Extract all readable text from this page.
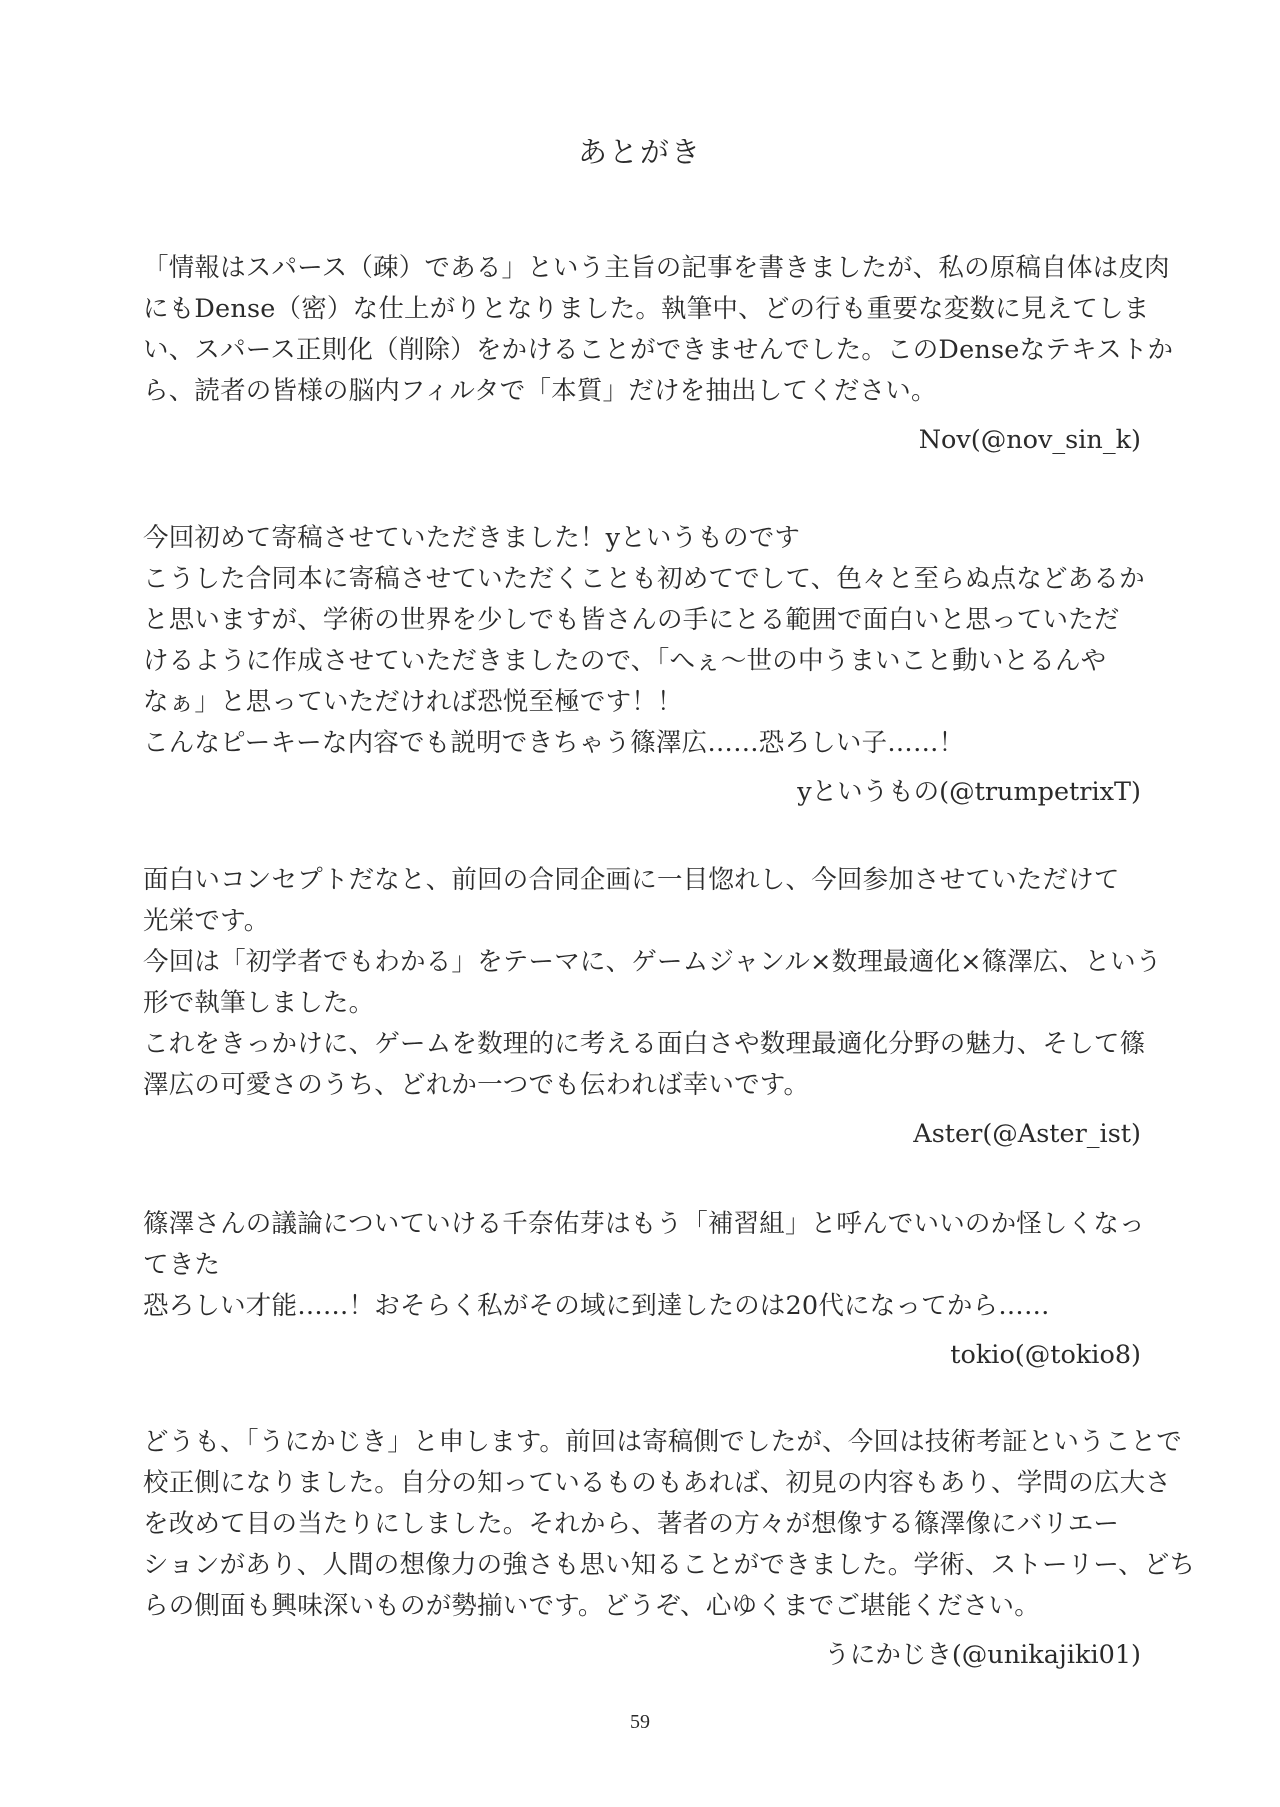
あとがき
「情報はスパース（疎）である」という主旨の記事を書きましたが、私の原稿自体は皮肉
にもDense（密）な仕上がりとなりました。執筆中、どの行も重要な変数に見えてしま
い、スパース正則化（削除）をかけることができませんでした。このDenseなテキストか
ら、読者の皆様の脳内フィルタで「本質」だけを抽出してください。
Nov(@nov_sin_k)
今回初めて寄稿させていただきました！yというものです
こうした合同本に寄稿させていただくことも初めてでして、色々と至らぬ点などあるか
と思いますが、学術の世界を少しでも皆さんの手にとる範囲で面白いと思っていただ
けるように作成させていただきましたので、「へぇ〜世の中うまいこと動いとるんや
なぁ」と思っていただければ恐悦至極です！！
こんなピーキーな内容でも説明できちゃう篠澤広……恐ろしい子……！
yというもの(@trumpetrixT)
面白いコンセプトだなと、前回の合同企画に一目惚れし、今回参加させていただけて
光栄です。
今回は「初学者でもわかる」をテーマに、ゲームジャンル×数理最適化×篠澤広、という
形で執筆しました。
これをきっかけに、ゲームを数理的に考える面白さや数理最適化分野の魅力、そして篠
澤広の可愛さのうち、どれか一つでも伝われば幸いです。
Aster(@Aster_ist)
篠澤さんの議論についていける千奈佑芽はもう「補習組」と呼んでいいのか怪しくなっ
てきた
恐ろしい才能……！おそらく私がその域に到達したのは20代になってから……
tokio(@tokio8)
どうも、「うにかじき」と申します。前回は寄稿側でしたが、今回は技術考証ということで
校正側になりました。自分の知っているものもあれば、初見の内容もあり、学問の広大さ
を改めて目の当たりにしました。それから、著者の方々が想像する篠澤像にバリエー
ションがあり、人間の想像力の強さも思い知ることができました。学術、ストーリー、どち
らの側面も興味深いものが勢揃いです。どうぞ、心ゆくまでご堪能ください。
うにかじき(@unikajiki01)
59
